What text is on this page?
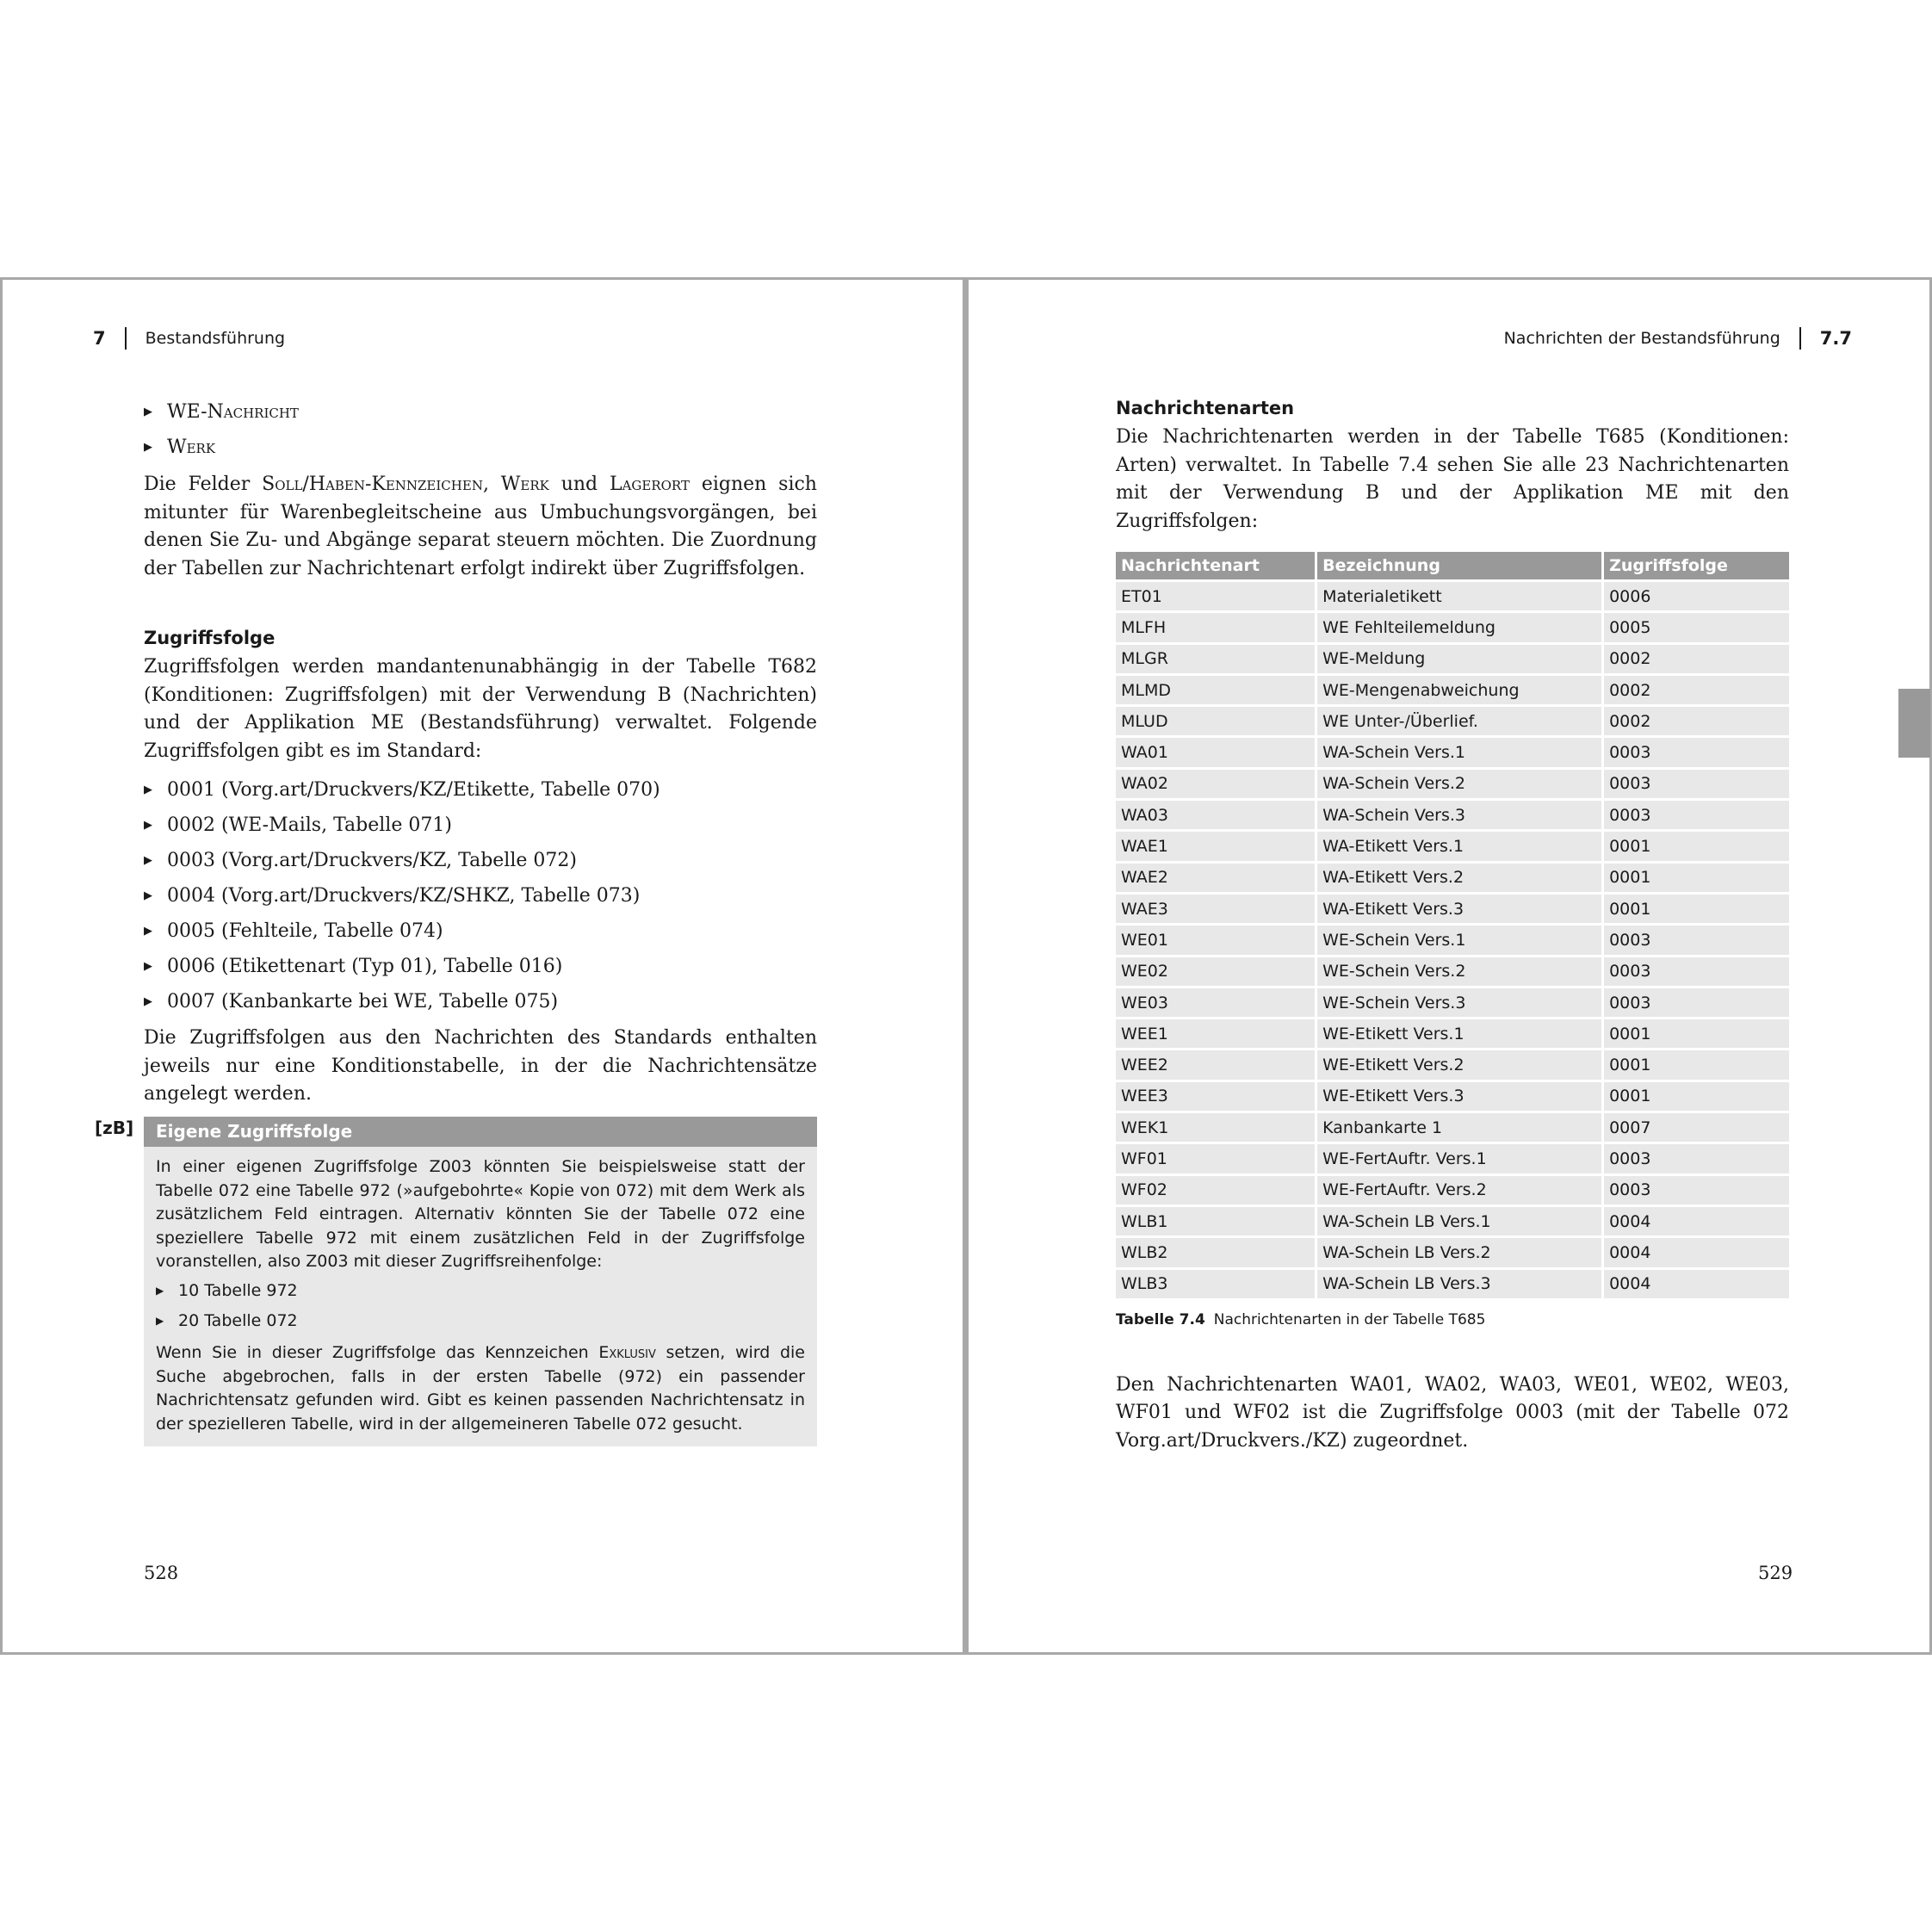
7 Bestandsführung
▶ WE-Nachricht
▶ Werk

Die Felder Soll/Haben-Kennzeichen, Werk und Lagerort eignen sich mitunter für Warenbegleitscheine aus Umbuchungsvorgängen, bei denen Sie Zu- und Abgänge separat steuern möchten. Die Zuordnung der Tabellen zur Nachrichtenart erfolgt indirekt über Zugriffsfolgen.

Zugriffsfolge

Zugriffsfolgen werden mandantenunabhängig in der Tabelle T682 (Konditionen: Zugriffsfolgen) mit der Verwendung B (Nachrichten) und der Applikation ME (Bestandsführung) verwaltet. Folgende Zugriffsfolgen gibt es im Standard:

▶ 0001 (Vorg.art/Druckvers/KZ/Etikette, Tabelle 070)
▶ 0002 (WE-Mails, Tabelle 071)
▶ 0003 (Vorg.art/Druckvers/KZ, Tabelle 072)
▶ 0004 (Vorg.art/Druckvers/KZ/SHKZ, Tabelle 073)
▶ 0005 (Fehlteile, Tabelle 074)
▶ 0006 (Etikettenart (Typ 01), Tabelle 016)
▶ 0007 (Kanbankarte bei WE, Tabelle 075)

Die Zugriffsfolgen aus den Nachrichten des Standards enthalten jeweils nur eine Konditionstabelle, in der die Nachrichtensätze angelegt werden.

[zB]	Eigene Zugriffsfolge

In einer eigenen Zugriffsfolge Z003 könnten Sie beispielsweise statt der Tabelle 072 eine Tabelle 972 (»aufgebohrte« Kopie von 072) mit dem Werk als zusätzlichem Feld eintragen. Alternativ könnten Sie der Tabelle 072 eine speziellere Tabelle 972 mit einem zusätzlichen Feld in der Zugriffsfolge voranstellen, also Z003 mit dieser Zugriffsreihenfolge:

▶ 10 Tabelle 972
▶ 20 Tabelle 072

Wenn Sie in dieser Zugriffsfolge das Kennzeichen Exklusiv setzen, wird die Suche abgebrochen, falls in der ersten Tabelle (972) ein passender Nachrichtensatz gefunden wird. Gibt es keinen passenden Nachrichtensatz in der spezielleren Tabelle, wird in der allgemeineren Tabelle 072 gesucht.

528
Nachrichten der Bestandsführung 7.7
Nachrichtenarten

Die Nachrichtenarten werden in der Tabelle T685 (Konditionen: Arten) verwaltet. In Tabelle 7.4 sehen Sie alle 23 Nachrichtenarten mit der Verwendung B und der Applikation ME mit den Zugriffsfolgen:

Nachrichtenart	Bezeichnung	Zugriffsfolge
ET01	Materialetikett	0006
MLFH	WE Fehlteilemeldung	0005
MLGR	WE-Meldung	0002
MLMD	WE-Mengenabweichung	0002
MLUD	WE Unter-/Überlief.	0002
WA01	WA-Schein Vers.1	0003
WA02	WA-Schein Vers.2	0003
WA03	WA-Schein Vers.3	0003
WAE1	WA-Etikett Vers.1	0001
WAE2	WA-Etikett Vers.2	0001
WAE3	WA-Etikett Vers.3	0001
WE01	WE-Schein Vers.1	0003
WE02	WE-Schein Vers.2	0003
WE03	WE-Schein Vers.3	0003
WEE1	WE-Etikett Vers.1	0001
WEE2	WE-Etikett Vers.2	0001
WEE3	WE-Etikett Vers.3	0001
WEK1	Kanbankarte 1	0007
WF01	WE-FertAuftr. Vers.1	0003
WF02	WE-FertAuftr. Vers.2	0003
WLB1	WA-Schein LB Vers.1	0004
WLB2	WA-Schein LB Vers.2	0004
WLB3	WA-Schein LB Vers.3	0004
Tabelle 7.4 Nachrichtenarten in der Tabelle T685

Den Nachrichtenarten WA01, WA02, WA03, WE01, WE02, WE03, WF01 und WF02 ist die Zugriffsfolge 0003 (mit der Tabelle 072 Vorg.art/Druckvers./KZ) zugeordnet.

529
